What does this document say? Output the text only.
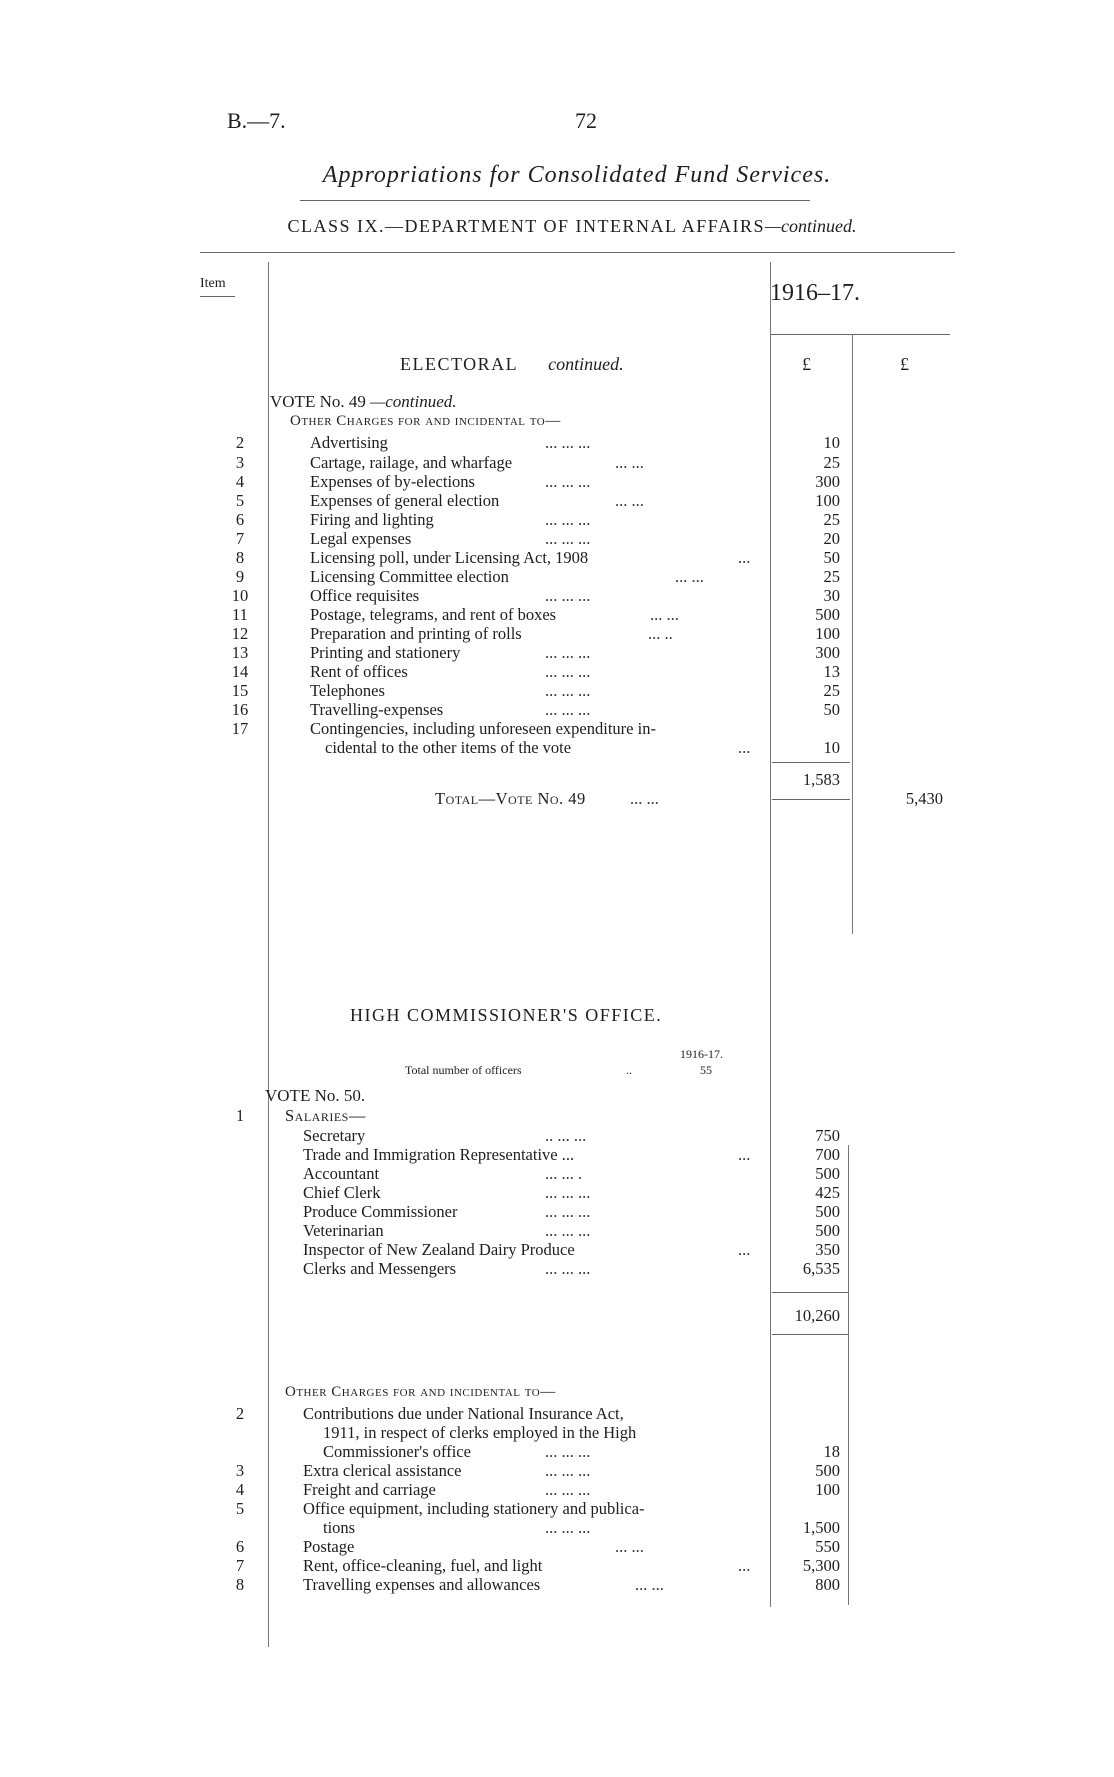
B.—7.	72
Appropriations for Consolidated Fund Services.
CLASS IX.—DEPARTMENT OF INTERNAL AFFAIRS—continued.
Item	1916–17.
£	£
ELECTORAL continued.
VOTE No. 49 —continued.
Other Charges for and incidental to—
2	Advertising	... ... ...	10
3	Cartage, railage, and wharfage	... ...	25
4	Expenses of by-elections	... ... ...	300
5	Expenses of general election	... ...	100
6	Firing and lighting	... ... ...	25
7	Legal expenses	... ... ...	20
8	Licensing poll, under Licensing Act, 1908	...	50
9	Licensing Committee election	... ...	25
10	Office requisites	... ... ...	30
11	Postage, telegrams, and rent of boxes	... ...	500
12	Preparation and printing of rolls	... ..	100
13	Printing and stationery	... ... ...	300
14	Rent of offices	... ... ...	13
15	Telephones	... ... ...	25
16	Travelling-expenses	... ... ...	50
17	Contingencies, including unforeseen expenditure in-
cidental to the other items of the vote	...	10
1,583
Total—Vote No. 49	... ...	5,430
HIGH COMMISSIONER'S OFFICE.
1916-17.
Total number of officers	..	55
VOTE No. 50.
1	Salaries—
Secretary	.. ... ...	750
Trade and Immigration Representative ...	...	700
Accountant	... ... .	500
Chief Clerk	... ... ...	425
Produce Commissioner	... ... ...	500
Veterinarian	... ... ...	500
Inspector of New Zealand Dairy Produce	...	350
Clerks and Messengers	... ... ...	6,535
10,260
Other Charges for and incidental to—
2	Contributions due under National Insurance Act,
1911, in respect of clerks employed in the High
Commissioner's office	... ... ...	18
3	Extra clerical assistance	... ... ...	500
4	Freight and carriage	... ... ...	100
5	Office equipment, including stationery and publica-
tions	... ... ...	1,500
6	Postage	... ...	550
7	Rent, office-cleaning, fuel, and light	...	5,300
8	Travelling expenses and allowances	... ...	800
